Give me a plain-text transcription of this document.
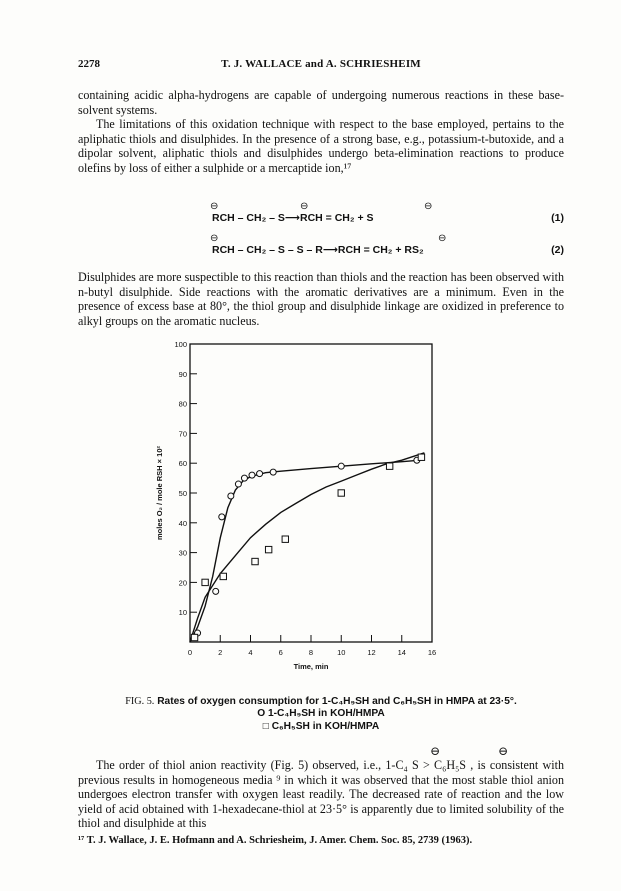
2278	T. J. WALLACE and A. SCHRIESHEIM
containing acidic alpha-hydrogens are capable of undergoing numerous reactions in these base-solvent systems.
The limitations of this oxidation technique with respect to the base employed, pertains to the apliphatic thiols and disulphides. In the presence of a strong base, e.g., potassium-t-butoxide, and a dipolar solvent, aliphatic thiols and disulphides undergo beta-elimination reactions to produce olefins by loss of either a sulphide or a mercaptide ion,¹⁷
⊖	⊖	⊖
RCH – CH₂ – S⟶RCH = CH₂ + S	(1)
⊖	⊖
RCH – CH₂ – S – S – R⟶RCH = CH₂ + RS₂	(2)
Disulphides are more suspectible to this reaction than thiols and the reaction has been observed with n-butyl disulphide. Side reactions with the aromatic derivatives are a minimum. Even in the presence of excess base at 80°, the thiol group and disulphide linkage are oxidized in preference to alkyl groups on the aromatic nucleus.
0	2	4	6	8	10	12	14	16
10
20
30
40
50
60
70
80
90
100
Time, min
moles O₂ / mole RSH × 10²
FIG. 5. Rates of oxygen consumption for 1-C₄H₉SH and C₆H₅SH in HMPA at 23·5°.
O 1-C₄H₉SH in KOH/HMPA
□ C₆H₅SH in KOH/HMPA
⊖	⊖
The order of thiol anion reactivity (Fig. 5) observed, i.e., 1-C₄ S > C₆H₅S , is consistent with previous results in homogeneous media ⁹ in which it was observed that the most stable thiol anion undergoes electron transfer with oxygen least readily. The decreased rate of reaction and the low yield of acid obtained with 1-hexadecane-thiol at 23·5° is apparently due to limited solubility of the thiol and disulphide at this
¹⁷ T. J. Wallace, J. E. Hofmann and A. Schriesheim, J. Amer. Chem. Soc. 85, 2739 (1963).
